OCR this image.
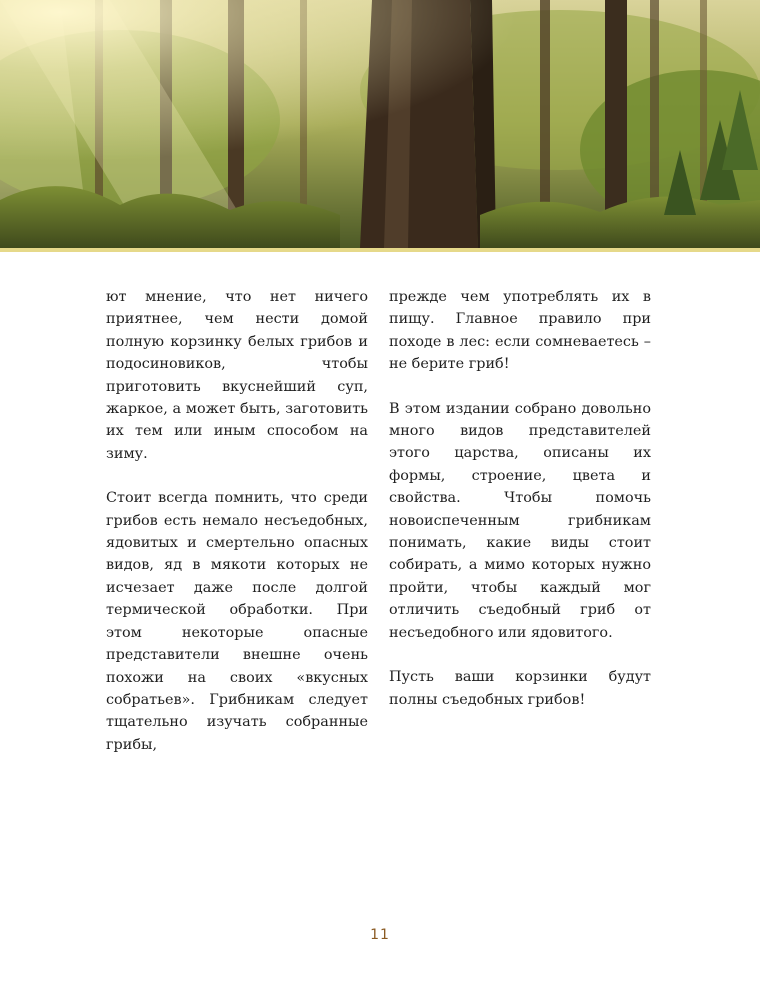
ют мнение, что нет ничего приятнее, чем нести домой полную корзинку белых грибов и подосиновиков, чтобы приготовить вкуснейший суп, жаркое, а может быть, заготовить их тем или иным способом на зиму.

Стоит всегда помнить, что среди грибов есть немало несъедобных, ядовитых и смертельно опасных видов, яд в мякоти которых не исчезает даже после долгой термической обработки. При этом некоторые опасные представители внешне очень похожи на своих «вкусных собратьев». Грибникам следует тщательно изучать собранные грибы,

прежде чем употреблять их в пищу. Главное правило при походе в лес: если сомневаетесь – не берите гриб!

В этом издании собрано довольно много видов представителей этого царства, описаны их формы, строение, цвета и свойства. Чтобы помочь новоиспеченным грибникам понимать, какие виды стоит собирать, а мимо которых нужно пройти, чтобы каждый мог отличить съедобный гриб от несъедобного или ядовитого.

Пусть ваши корзинки будут полны съедобных грибов!

11
